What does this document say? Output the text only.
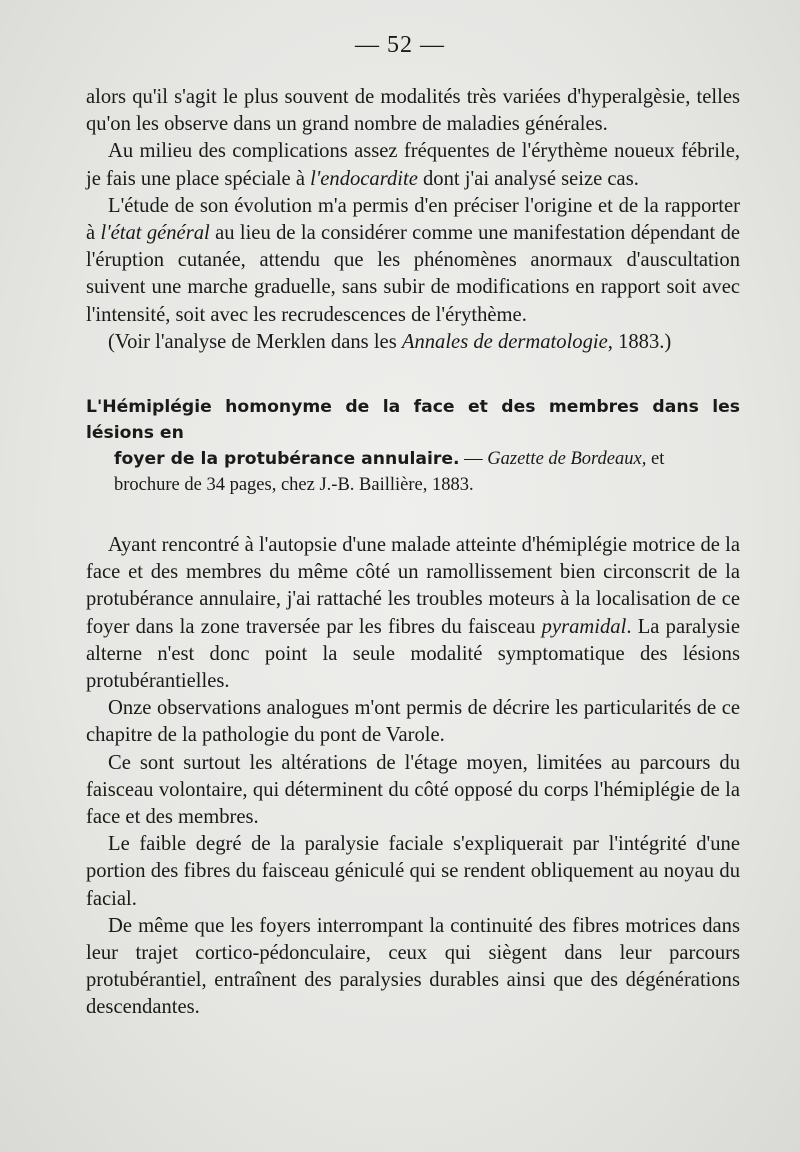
— 52 —

alors qu'il s'agit le plus souvent de modalités très variées d'hyperalgèsie, telles qu'on les observe dans un grand nombre de maladies générales.

Au milieu des complications assez fréquentes de l'érythème noueux fébrile, je fais une place spéciale à l'endocardite dont j'ai analysé seize cas.

L'étude de son évolution m'a permis d'en préciser l'origine et de la rapporter à l'état général au lieu de la considérer comme une manifestation dépendant de l'éruption cutanée, attendu que les phénomènes anormaux d'auscultation suivent une marche graduelle, sans subir de modifications en rapport soit avec l'intensité, soit avec les recrudescences de l'érythème.

(Voir l'analyse de Merklen dans les Annales de dermatologie, 1883.)

L'Hémiplégie homonyme de la face et des membres dans les lésions en
foyer de la protubérance annulaire. — Gazette de Bordeaux, et
brochure de 34 pages, chez J.-B. Baillière, 1883.

Ayant rencontré à l'autopsie d'une malade atteinte d'hémiplégie motrice de la face et des membres du même côté un ramollissement bien circonscrit de la protubérance annulaire, j'ai rattaché les troubles moteurs à la localisation de ce foyer dans la zone traversée par les fibres du faisceau pyramidal. La paralysie alterne n'est donc point la seule modalité symptomatique des lésions protubérantielles.

Onze observations analogues m'ont permis de décrire les particularités de ce chapitre de la pathologie du pont de Varole.

Ce sont surtout les altérations de l'étage moyen, limitées au parcours du faisceau volontaire, qui déterminent du côté opposé du corps l'hémiplégie de la face et des membres.

Le faible degré de la paralysie faciale s'expliquerait par l'intégrité d'une portion des fibres du faisceau géniculé qui se rendent obliquement au noyau du facial.

De même que les foyers interrompant la continuité des fibres motrices dans leur trajet cortico-pédonculaire, ceux qui siègent dans leur parcours protubérantiel, entraînent des paralysies durables ainsi que des dégénérations descendantes.
